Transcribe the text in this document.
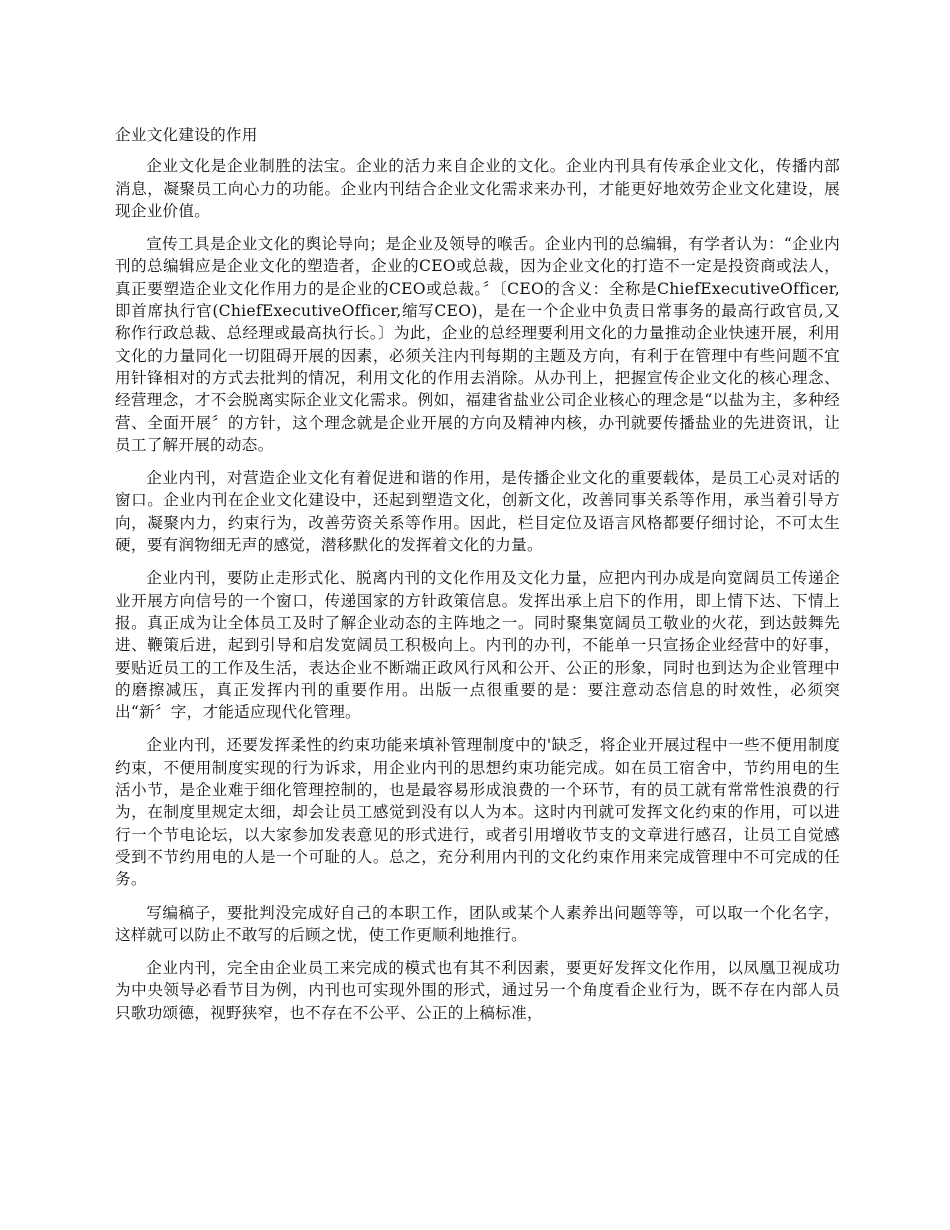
企业文化建设的作用

企业文化是企业制胜的法宝。企业的活力来自企业的文化。企业内刊具有传承企业文化，传播内部消息，凝聚员工向心力的功能。企业内刊结合企业文化需求来办刊，才能更好地效劳企业文化建设，展现企业价值。

宣传工具是企业文化的舆论导向；是企业及领导的喉舌。企业内刊的总编辑，有学者认为：“企业内刊的总编辑应是企业文化的塑造者，企业的CEO或总裁，因为企业文化的打造不一定是投资商或法人，真正要塑造企业文化作用力的是企业的CEO或总裁。〞〔CEO的含义：全称是ChiefExecutiveOfficer,即首席执行官(ChiefExecutiveOfficer,缩写CEO)，是在一个企业中负责日常事务的最高行政官员,又称作行政总裁、总经理或最高执行长。〕为此，企业的总经理要利用文化的力量推动企业快速开展，利用文化的力量同化一切阻碍开展的因素，必须关注内刊每期的主题及方向，有利于在管理中有些问题不宜用针锋相对的方式去批判的情况，利用文化的作用去消除。从办刊上，把握宣传企业文化的核心理念、经营理念，才不会脱离实际企业文化需求。例如，福建省盐业公司企业核心的理念是“以盐为主，多种经营、全面开展〞的方针，这个理念就是企业开展的方向及精神内核，办刊就要传播盐业的先进资讯，让员工了解开展的动态。

企业内刊，对营造企业文化有着促进和谐的作用，是传播企业文化的重要载体，是员工心灵对话的窗口。企业内刊在企业文化建设中，还起到塑造文化，创新文化，改善同事关系等作用，承当着引导方向，凝聚内力，约束行为，改善劳资关系等作用。因此，栏目定位及语言风格都要仔细讨论，不可太生硬，要有润物细无声的感觉，潜移默化的发挥着文化的力量。

企业内刊，要防止走形式化、脱离内刊的文化作用及文化力量，应把内刊办成是向宽阔员工传递企业开展方向信号的一个窗口，传递国家的方针政策信息。发挥出承上启下的作用，即上情下达、下情上报。真正成为让全体员工及时了解企业动态的主阵地之一。同时聚集宽阔员工敬业的火花，到达鼓舞先进、鞭策后进，起到引导和启发宽阔员工积极向上。内刊的办刊，不能单一只宣扬企业经营中的好事，要贴近员工的工作及生活，表达企业不断端正政风行风和公开、公正的形象，同时也到达为企业管理中的磨擦减压，真正发挥内刊的重要作用。出版一点很重要的是：要注意动态信息的时效性，必须突出“新〞字，才能适应现代化管理。

企业内刊，还要发挥柔性的约束功能来填补管理制度中的'缺乏，将企业开展过程中一些不便用制度约束，不便用制度实现的行为诉求，用企业内刊的思想约束功能完成。如在员工宿舍中，节约用电的生活小节，是企业难于细化管理控制的，也是最容易形成浪费的一个环节，有的员工就有常常性浪费的行为，在制度里规定太细，却会让员工感觉到没有以人为本。这时内刊就可发挥文化约束的作用，可以进行一个节电论坛，以大家参加发表意见的形式进行，或者引用增收节支的文章进行感召，让员工自觉感受到不节约用电的人是一个可耻的人。总之，充分利用内刊的文化约束作用来完成管理中不可完成的任务。

写编稿子，要批判没完成好自己的本职工作，团队或某个人素养出问题等等，可以取一个化名字，这样就可以防止不敢写的后顾之忧，使工作更顺利地推行。

企业内刊，完全由企业员工来完成的模式也有其不利因素，要更好发挥文化作用，以凤凰卫视成功为中央领导必看节目为例，内刊也可实现外围的形式，通过另一个角度看企业行为，既不存在内部人员只歌功颂德，视野狭窄，也不存在不公平、公正的上稿标准，
